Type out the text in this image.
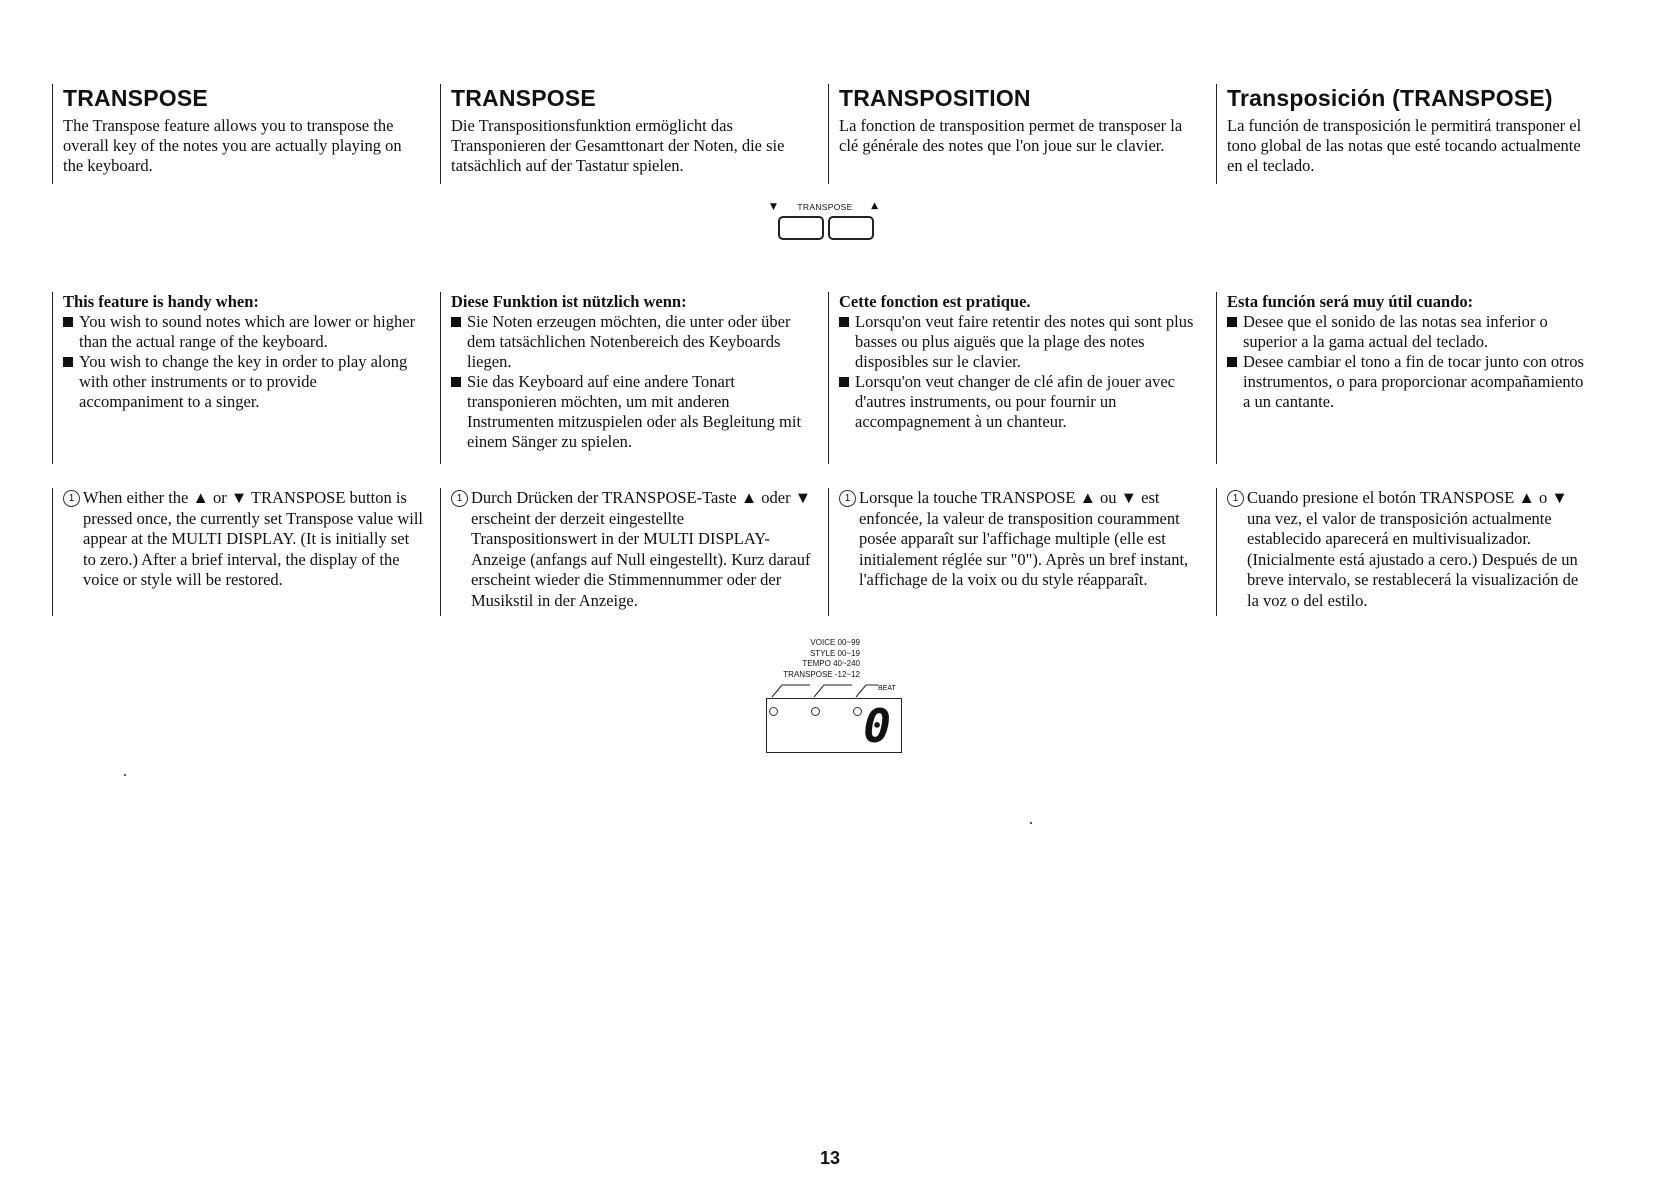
TRANSPOSE

The Transpose feature allows you to transpose the overall key of the notes you are actually playing on the keyboard.

This feature is handy when:

You wish to sound notes which are lower or higher than the actual range of the keyboard.
You wish to change the key in order to play along with other instruments or to provide accompaniment to a singer.
1 When either the ▲ or ▼ TRANSPOSE button is pressed once, the currently set Transpose value will appear at the MULTI DISPLAY. (It is initially set to zero.) After a brief interval, the display of the voice or style will be restored.
TRANSPOSE

Die Transpositionsfunktion ermöglicht das Transponieren der Gesamttonart der Noten, die sie tatsächlich auf der Tastatur spielen.

Diese Funktion ist nützlich wenn:

Sie Noten erzeugen möchten, die unter oder über dem tatsächlichen Notenbereich des Keyboards liegen.
Sie das Keyboard auf eine andere Tonart transponieren möchten, um mit anderen Instrumenten mitzuspielen oder als Begleitung mit einem Sänger zu spielen.
1 Durch Drücken der TRANSPOSE-Taste ▲ oder ▼ erscheint der derzeit eingestellte Transpositionswert in der MULTI DISPLAY-Anzeige (anfangs auf Null eingestellt). Kurz darauf erscheint wieder die Stimmennummer oder der Musikstil in der Anzeige.
TRANSPOSITION

La fonction de transposition permet de transposer la clé générale des notes que l'on joue sur le clavier.

Cette fonction est pratique.

Lorsqu'on veut faire retentir des notes qui sont plus basses ou plus aiguës que la plage des notes disposibles sur le clavier.
Lorsqu'on veut changer de clé afin de jouer avec d'autres instruments, ou pour fournir un accompagnement à un chanteur.
1 Lorsque la touche TRANSPOSE ▲ ou ▼ est enfoncée, la valeur de transposition couramment posée apparaît sur l'affichage multiple (elle est initialement réglée sur "0"). Après un bref instant, l'affichage de la voix ou du style réapparaît.
Transposición (TRANSPOSE)

La función de transposición le permitirá transponer el tono global de las notas que esté tocando actualmente en el teclado.

Esta función será muy útil cuando:

Desee que el sonido de las notas sea inferior o superior a la gama actual del teclado.
Desee cambiar el tono a fin de tocar junto con otros instrumentos, o para proporcionar acompañamiento a un cantante.
1 Cuando presione el botón TRANSPOSE ▲ o ▼ una vez, el valor de transposición actualmente establecido aparecerá en multivisualizador. (Inicialmente está ajustado a cero.) Después de un breve intervalo, se restablecerá la visualización de la voz o del estilo.
▼	TRANSPOSE	▲
VOICE 00~99
STYLE 00~19
TEMPO 40~240
TRANSPOSE -12~12
BEAT
0
13
